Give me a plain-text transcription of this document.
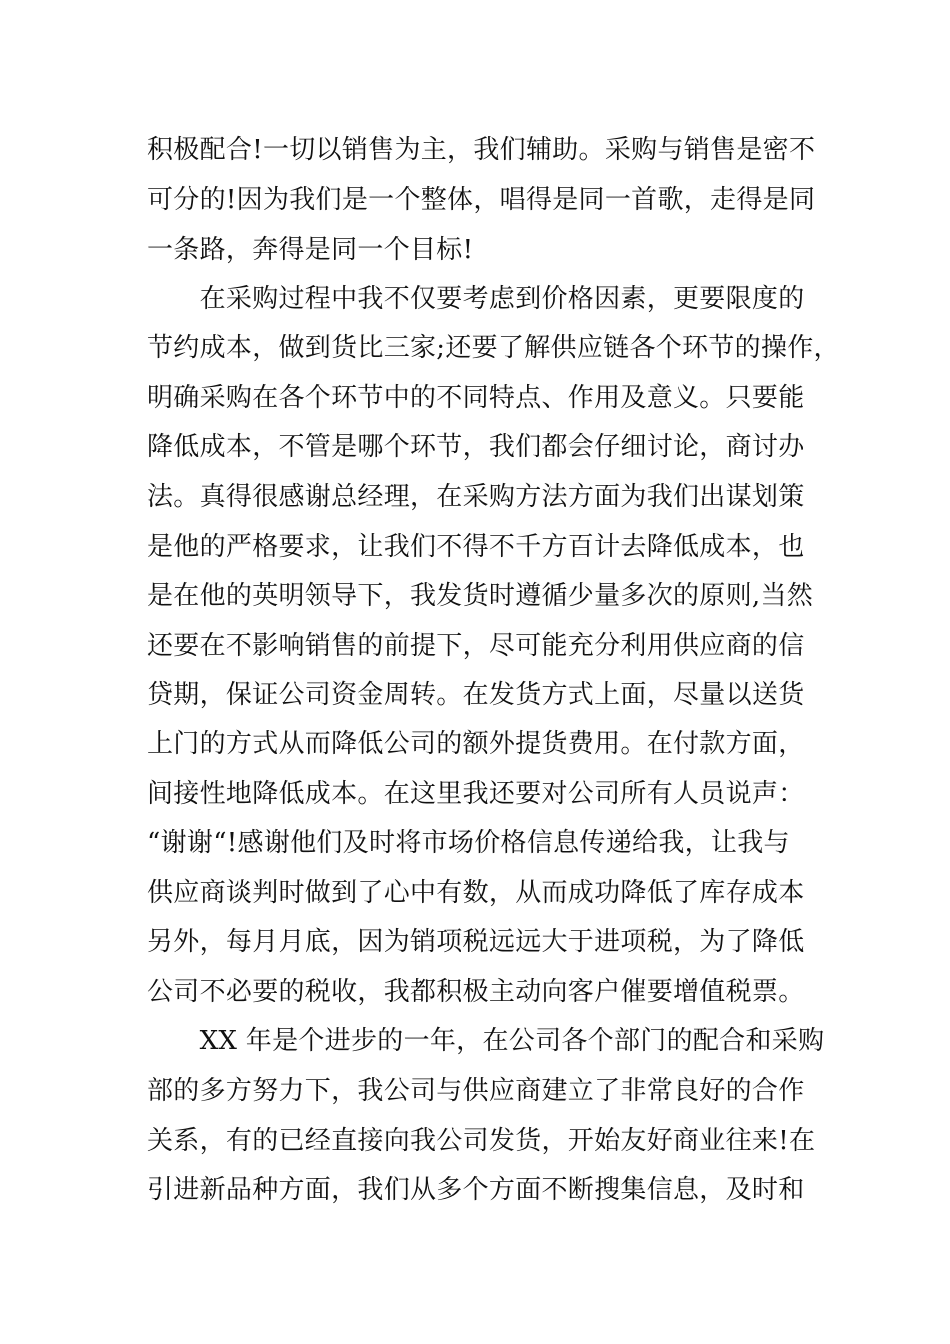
积极配合!一切以销售为主，我们辅助。采购与销售是密不
可分的!因为我们是一个整体，唱得是同一首歌，走得是同
一条路，奔得是同一个目标!
　　在采购过程中我不仅要考虑到价格因素，更要限度的
节约成本，做到货比三家;还要了解供应链各个环节的操作，
明确采购在各个环节中的不同特点、作用及意义。只要能
降低成本，不管是哪个环节，我们都会仔细讨论，商讨办
法。真得很感谢总经理，在采购方法方面为我们出谋划策
是他的严格要求，让我们不得不千方百计去降低成本，也
是在他的英明领导下，我发货时遵循少量多次的原则,当然
还要在不影响销售的前提下，尽可能充分利用供应商的信
贷期，保证公司资金周转。在发货方式上面，尽量以送货
上门的方式从而降低公司的额外提货费用。在付款方面，
间接性地降低成本。在这里我还要对公司所有人员说声：
“谢谢“!感谢他们及时将市场价格信息传递给我，让我与
供应商谈判时做到了心中有数，从而成功降低了库存成本
另外，每月月底，因为销项税远远大于进项税，为了降低
公司不必要的税收，我都积极主动向客户催要增值税票。
　　XX 年是个进步的一年，在公司各个部门的配合和采购
部的多方努力下，我公司与供应商建立了非常良好的合作
关系，有的已经直接向我公司发货，开始友好商业往来!在
引进新品种方面，我们从多个方面不断搜集信息，及时和
